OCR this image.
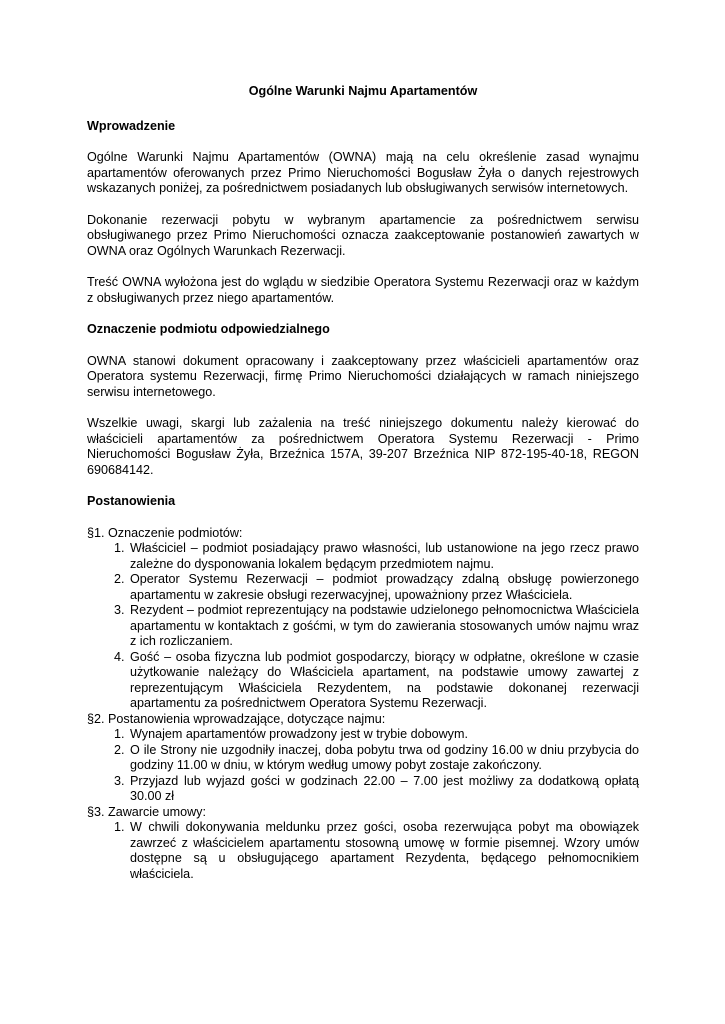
Ogólne Warunki Najmu Apartamentów

Wprowadzenie

Ogólne Warunki Najmu Apartamentów (OWNA) mają na celu określenie zasad wynajmu apartamentów oferowanych przez Primo Nieruchomości Bogusław Żyła o danych rejestrowych wskazanych poniżej, za pośrednictwem posiadanych lub obsługiwanych serwisów internetowych.

Dokonanie rezerwacji pobytu w wybranym apartamencie za pośrednictwem serwisu obsługiwanego przez Primo Nieruchomości oznacza zaakceptowanie postanowień zawartych w OWNA oraz Ogólnych Warunkach Rezerwacji.

Treść OWNA wyłożona jest do wglądu w siedzibie Operatora Systemu Rezerwacji oraz w każdym z obsługiwanych przez niego apartamentów.

Oznaczenie podmiotu odpowiedzialnego

OWNA stanowi dokument opracowany i zaakceptowany przez właścicieli apartamentów oraz Operatora systemu Rezerwacji, firmę Primo Nieruchomości działających w ramach niniejszego serwisu internetowego.

Wszelkie uwagi, skargi lub zażalenia na treść niniejszego dokumentu należy kierować do właścicieli apartamentów za pośrednictwem Operatora Systemu Rezerwacji - Primo Nieruchomości Bogusław Żyła, Brzeźnica 157A, 39-207 Brzeźnica NIP 872-195-40-18, REGON 690684142.

Postanowienia

§1. Oznaczenie podmiotów:

1. Właściciel – podmiot posiadający prawo własności, lub ustanowione na jego rzecz prawo zależne do dysponowania lokalem będącym przedmiotem najmu.
2. Operator Systemu Rezerwacji – podmiot prowadzący zdalną obsługę powierzonego apartamentu w zakresie obsługi rezerwacyjnej, upoważniony przez Właściciela.
3. Rezydent – podmiot reprezentujący na podstawie udzielonego pełnomocnictwa Właściciela apartamentu w kontaktach z gośćmi, w tym do zawierania stosowanych umów najmu wraz z ich rozliczaniem.
4. Gość – osoba fizyczna lub podmiot gospodarczy, biorący w odpłatne, określone w czasie użytkowanie należący do Właściciela apartament, na podstawie umowy zawartej z reprezentującym Właściciela Rezydentem, na podstawie dokonanej rezerwacji apartamentu za pośrednictwem Operatora Systemu Rezerwacji.

§2. Postanowienia wprowadzające, dotyczące najmu:

1. Wynajem apartamentów prowadzony jest w trybie dobowym.
2. O ile Strony nie uzgodniły inaczej, doba pobytu trwa od godziny 16.00 w dniu przybycia do godziny 11.00 w dniu, w którym według umowy pobyt zostaje zakończony.
3. Przyjazd lub wyjazd gości w godzinach 22.00 – 7.00 jest możliwy za dodatkową opłatą 30.00 zł

§3. Zawarcie umowy:

1. W chwili dokonywania meldunku przez gości, osoba rezerwująca pobyt ma obowiązek zawrzeć z właścicielem apartamentu stosowną umowę w formie pisemnej. Wzory umów dostępne są u obsługującego apartament Rezydenta, będącego pełnomocnikiem właściciela.
